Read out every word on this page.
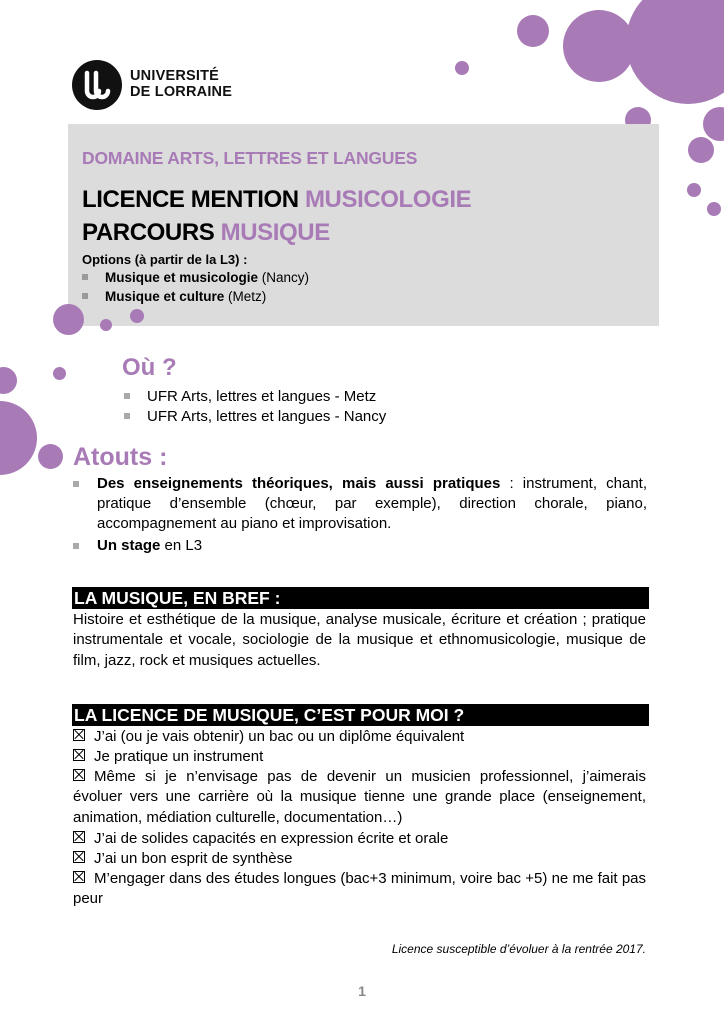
UNIVERSITÉ
DE LORRAINE
DOMAINE ARTS, LETTRES ET LANGUES
LICENCE MENTION MUSICOLOGIE
PARCOURS MUSIQUE
Options (à partir de la L3) :
Musique et musicologie (Nancy)
Musique et culture (Metz)
Où ?
UFR Arts, lettres et langues - Metz
UFR Arts, lettres et langues - Nancy
Atouts :
Des enseignements théoriques, mais aussi pratiques : instrument, chant, pratique d’ensemble (chœur, par exemple), direction chorale, piano, accompagnement au piano et improvisation.
Un stage en L3
LA MUSIQUE, EN BREF :
Histoire et esthétique de la musique, analyse musicale, écriture et création ; pratique instrumentale et vocale, sociologie de la musique et ethnomusicologie, musique de film, jazz, rock et musiques actuelles.
LA LICENCE DE MUSIQUE, C’EST POUR MOI ?
J’ai (ou je vais obtenir) un bac ou un diplôme équivalent
Je pratique un instrument
Même si je n’envisage pas de devenir un musicien professionnel, j’aimerais évoluer vers une carrière où la musique tienne une grande place (enseignement, animation, médiation culturelle, documentation…)
J’ai de solides capacités en expression écrite et orale
J’ai un bon esprit de synthèse
M’engager dans des études longues (bac+3 minimum, voire bac +5) ne me fait pas peur
Licence susceptible d’évoluer à la rentrée 2017.
1
